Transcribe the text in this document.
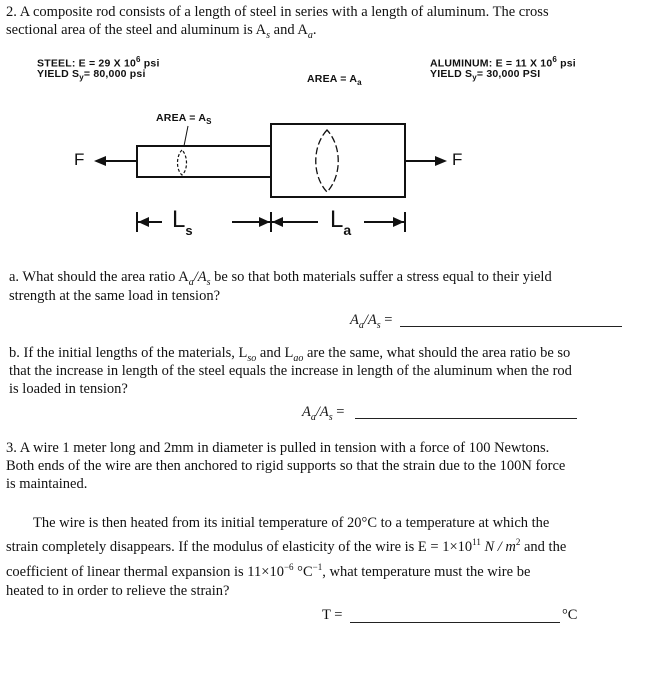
2. A composite rod consists of a length of steel in series with a length of aluminum. The cross
sectional area of the steel and aluminum is $A_s$ and $A_a$.
STEEL: E = 29 X $10^6$ psi
YIELD $S_y= 80,000$ psi	AREA = $A_a$
ALUMINUM: E = 11 X $10^6$ psi
YIELD $S_y= 30,000$ PSI
AREA = $A_S$
F	F
$L_s$	$L_a$
a. What should the area ratio $A_a/A_s$ be so that both materials suffer a stress equal to their yield
strength at the same load in tension?
$A_a/A_s$ =
b. If the initial lengths of the materials, $L_{so}$ and $L_{ao}$ are the same, what should the area ratio be so
that the increase in length of the steel equals the increase in length of the aluminum when the rod
is loaded in tension?
$A_a/A_s$ =
3. A wire 1 meter long and 2mm in diameter is pulled in tension with a force of 100 Newtons.
Both ends of the wire are then anchored to rigid supports so that the strain due to the 100N force
is maintained.
The wire is then heated from its initial temperature of 20°C to a temperature at which the
strain completely disappears. If the modulus of elasticity of the wire is $E = 1\times 10^{11}$ N / $m^2$ and the
coefficient of linear thermal expansion is $11\times 10^{-6}$ $^\circ C^{-1}$, what temperature must the wire be
heated to in order to relieve the strain?
T =	°C
